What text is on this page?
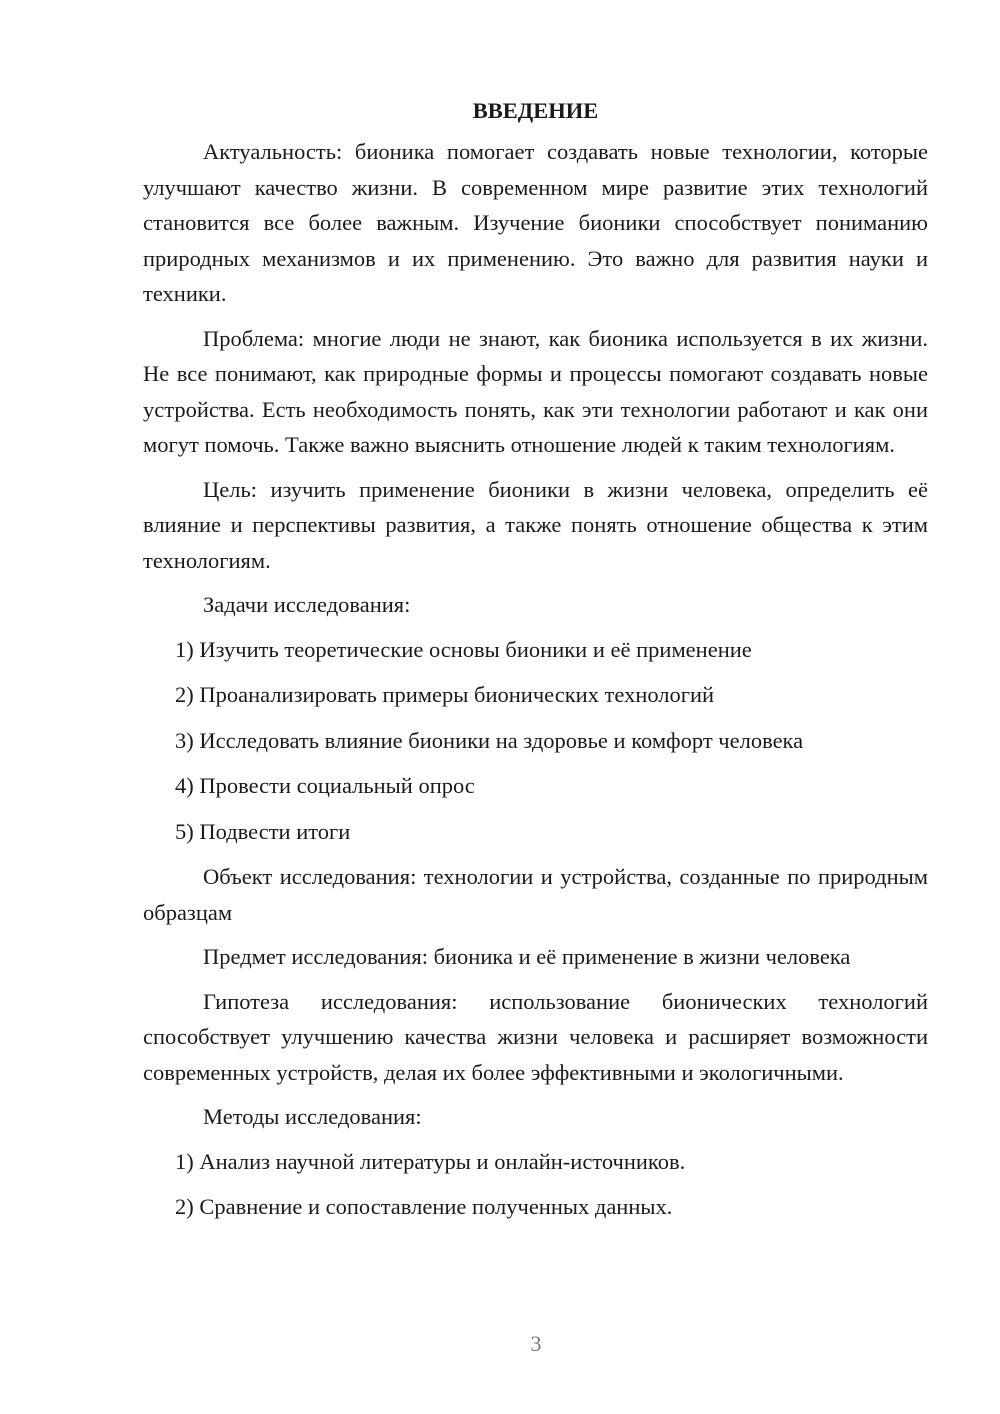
ВВЕДЕНИЕ

Актуальность: бионика помогает создавать новые технологии, которые улучшают качество жизни. В современном мире развитие этих технологий становится все более важным. Изучение бионики способствует пониманию природных механизмов и их применению. Это важно для развития науки и техники.

Проблема: многие люди не знают, как бионика используется в их жизни. Не все понимают, как природные формы и процессы помогают создавать новые устройства. Есть необходимость понять, как эти технологии работают и как они могут помочь. Также важно выяснить отношение людей к таким технологиям.

Цель: изучить применение бионики в жизни человека, определить её влияние и перспективы развития, а также понять отношение общества к этим технологиям.

Задачи исследования:

1) Изучить теоретические основы бионики и её применение
2) Проанализировать примеры бионических технологий
3) Исследовать влияние бионики на здоровье и комфорт человека
4) Провести социальный опрос
5) Подвести итоги

Объект исследования: технологии и устройства, созданные по природным образцам

Предмет исследования: бионика и её применение в жизни человека

Гипотеза исследования: использование бионических технологий способствует улучшению качества жизни человека и расширяет возможности современных устройств, делая их более эффективными и экологичными.

Методы исследования:

1) Анализ научной литературы и онлайн-источников.
2) Сравнение и сопоставление полученных данных.
3
